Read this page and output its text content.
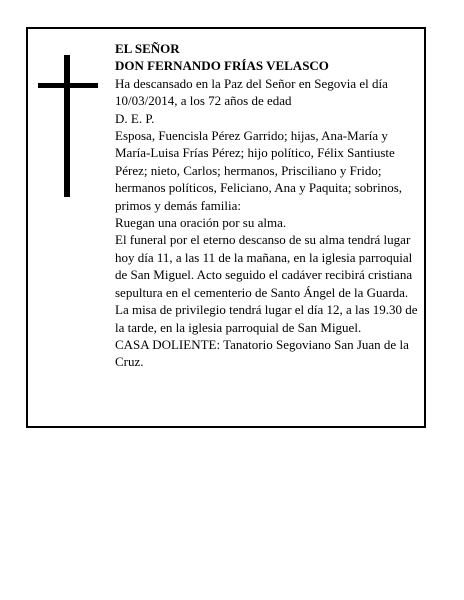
EL SEÑOR

DON FERNANDO FRÍAS VELASCO

Ha descansado en la Paz del Señor en Segovia el día 10/03/2014, a los 72 años de edad

D. E. P.

Esposa, Fuencisla Pérez Garrido; hijas, Ana-María y María-Luisa Frías Pérez; hijo político, Félix Santiuste Pérez; nieto, Carlos; hermanos, Prisciliano y Frido; hermanos políticos, Feliciano, Ana y Paquita; sobrinos, primos y demás familia:

Ruegan una oración por su alma.

El funeral por el eterno descanso de su alma tendrá lugar hoy día 11, a las 11 de la mañana, en la iglesia parroquial de San Miguel. Acto seguido el cadáver recibirá cristiana sepultura en el cementerio de Santo Ángel de la Guarda. La misa de privilegio tendrá lugar el día 12, a las 19.30 de la tarde, en la iglesia parroquial de San Miguel.

CASA DOLIENTE: Tanatorio Segoviano San Juan de la Cruz.
